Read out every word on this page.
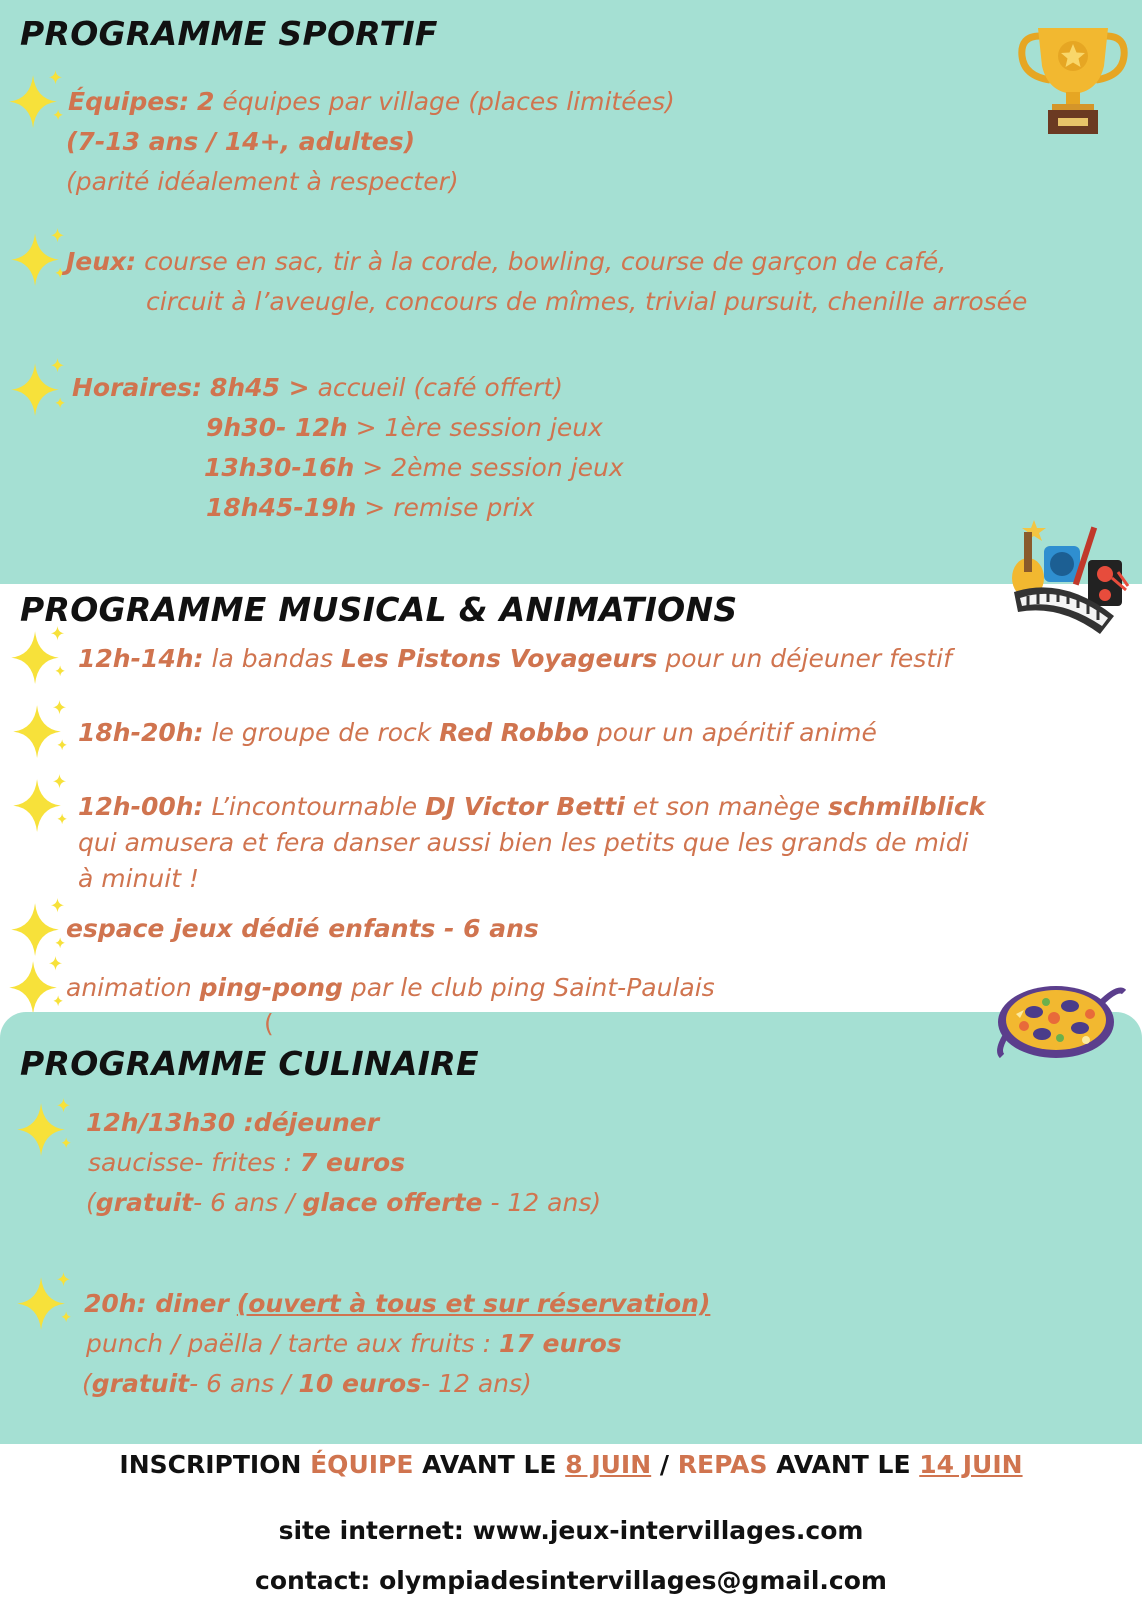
PROGRAMME SPORTIF

Équipes: 2 équipes par village (places limitées)

(7-13 ans / 14+, adultes)

(parité idéalement à respecter)

Jeux: course en sac, tir à la corde, bowling, course de garçon de café,

circuit à l’aveugle, concours de mîmes, trivial pursuit, chenille arrosée

Horaires: 8h45 > accueil (café offert)

9h30- 12h > 1ère session jeux

13h30-16h > 2ème session jeux

18h45-19h > remise prix

PROGRAMME MUSICAL & ANIMATIONS

12h-14h: la bandas Les Pistons Voyageurs pour un déjeuner festif

18h-20h: le groupe de rock Red Robbo pour un apéritif animé

12h-00h: L’incontournable DJ Victor Betti et son manège schmilblick

qui amusera et fera danser aussi bien les petits que les grands de midi

à minuit !

espace jeux dédié enfants - 6 ans

animation ping-pong par le club ping Saint-Paulais

(

PROGRAMME CULINAIRE

12h/13h30 :déjeuner

saucisse- frites : 7 euros

(gratuit- 6 ans / glace offerte - 12 ans)

20h: diner (ouvert à tous et sur réservation)

punch / paëlla / tarte aux fruits : 17 euros

(gratuit- 6 ans / 10 euros- 12 ans)

INSCRIPTION ÉQUIPE AVANT LE 8 JUIN / REPAS AVANT LE 14 JUIN

site internet: www.jeux-intervillages.com

contact: olympiadesintervillages@gmail.com
